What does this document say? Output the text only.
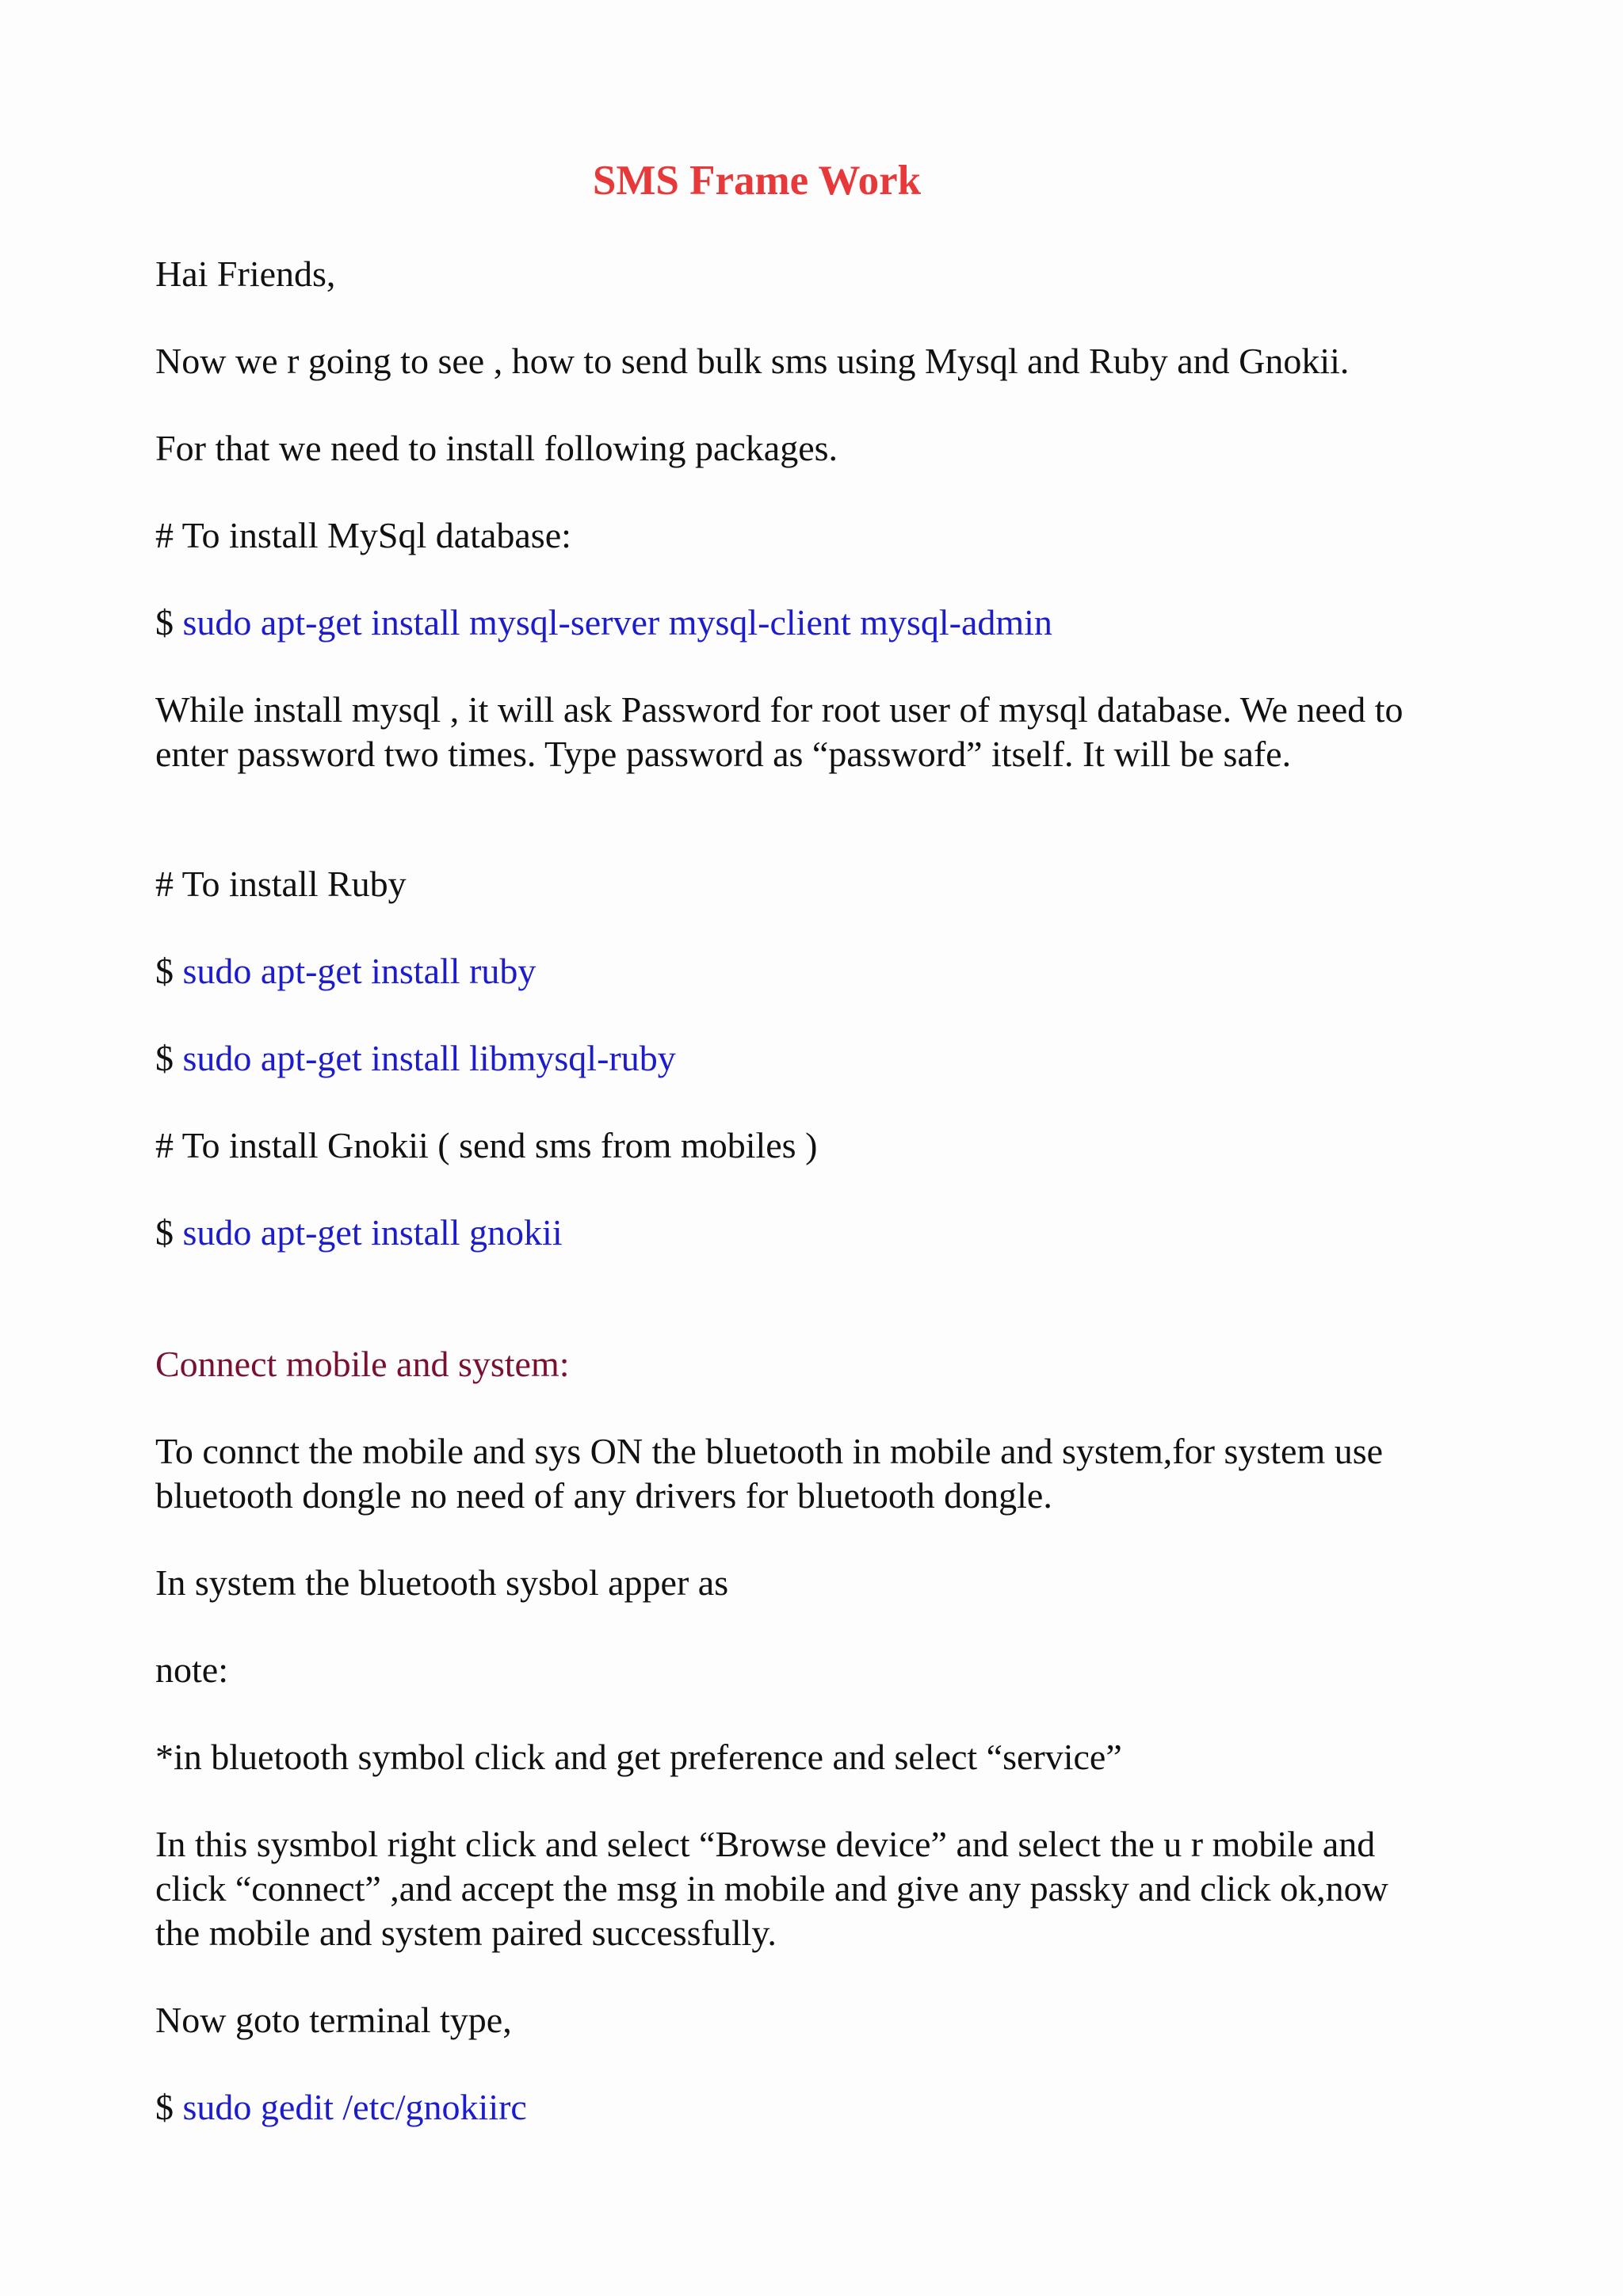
SMS Frame Work
Hai Friends,
Now we r going to see , how to send bulk sms using Mysql and Ruby and Gnokii.
For that we need to install following packages.
# To install MySql database:
$ sudo apt-get install mysql-server mysql-client mysql-admin
While install mysql , it will ask Password for root user of mysql database. We need to
enter password two times. Type password as “password” itself. It will be safe.
# To install Ruby
$ sudo apt-get install ruby
$ sudo apt-get install libmysql-ruby
# To install Gnokii ( send sms from mobiles )
$ sudo apt-get install gnokii
Connect mobile and system:
To connct the mobile and sys ON the bluetooth in mobile and system,for system use
bluetooth dongle no need of any drivers for bluetooth dongle.
In system the bluetooth sysbol apper as
note:
*in bluetooth symbol click and get preference and select “service”
In this sysmbol right click and select “Browse device” and select the u r mobile and
click “connect” ,and accept the msg in mobile and give any passky and click ok,now
the mobile and system paired successfully.
Now goto terminal type,
$ sudo gedit /etc/gnokiirc
